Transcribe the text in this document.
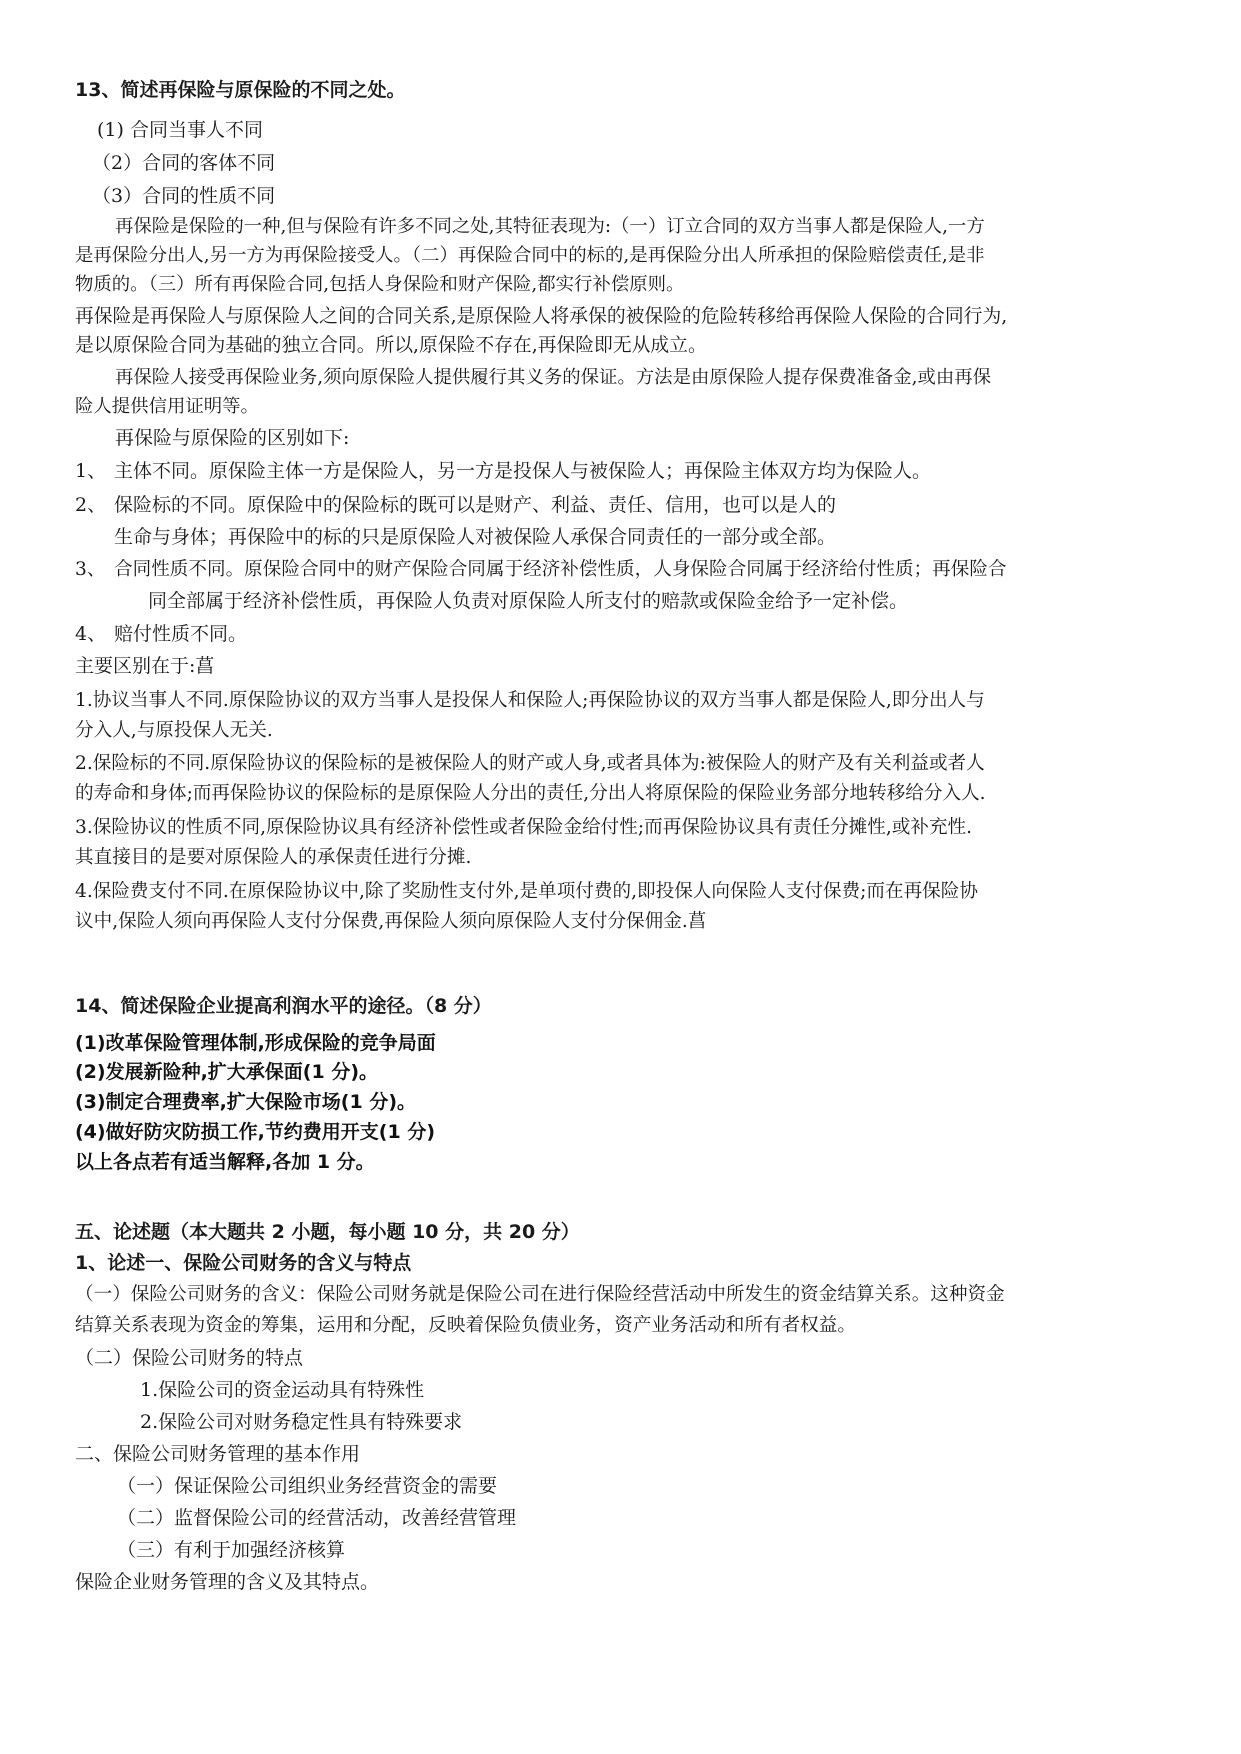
13、简述再保险与原保险的不同之处。
(1) 合同当事人不同
（2）合同的客体不同
（3）合同的性质不同
再保险是保险的一种,但与保险有许多不同之处,其特征表现为:（一）订立合同的双方当事人都是保险人,一方
是再保险分出人,另一方为再保险接受人。（二）再保险合同中的标的,是再保险分出人所承担的保险赔偿责任,是非
物质的。（三）所有再保险合同,包括人身保险和财产保险,都实行补偿原则。
再保险是再保险人与原保险人之间的合同关系,是原保险人将承保的被保险的危险转移给再保险人保险的合同行为,
是以原保险合同为基础的独立合同。所以,原保险不存在,再保险即无从成立。
再保险人接受再保险业务,须向原保险人提供履行其义务的保证。方法是由原保险人提存保费准备金,或由再保
险人提供信用证明等。
再保险与原保险的区别如下:
1、 主体不同。原保险主体一方是保险人，另一方是投保人与被保险人；再保险主体双方均为保险人。
2、 保险标的不同。原保险中的保险标的既可以是财产、利益、责任、信用，也可以是人的
生命与身体；再保险中的标的只是原保险人对被保险人承保合同责任的一部分或全部。
3、 合同性质不同。原保险合同中的财产保险合同属于经济补偿性质，人身保险合同属于经济给付性质；再保险合
同全部属于经济补偿性质，再保险人负责对原保险人所支付的赔款或保险金给予一定补偿。
4、 赔付性质不同。
主要区别在于:菖
1.协议当事人不同.原保险协议的双方当事人是投保人和保险人;再保险协议的双方当事人都是保险人,即分出人与
分入人,与原投保人无关.
2.保险标的不同.原保险协议的保险标的是被保险人的财产或人身,或者具体为:被保险人的财产及有关利益或者人
的寿命和身体;而再保险协议的保险标的是原保险人分出的责任,分出人将原保险的保险业务部分地转移给分入人.
3.保险协议的性质不同,原保险协议具有经济补偿性或者保险金给付性;而再保险协议具有责任分摊性,或补充性.
其直接目的是要对原保险人的承保责任进行分摊.
4.保险费支付不同.在原保险协议中,除了奖励性支付外,是单项付费的,即投保人向保险人支付保费;而在再保险协
议中,保险人须向再保险人支付分保费,再保险人须向原保险人支付分保佣金.菖
14、简述保险企业提高利润水平的途径。（8 分）
(1)改革保险管理体制,形成保险的竞争局面
(2)发展新险种,扩大承保面(1 分)。
(3)制定合理费率,扩大保险市场(1 分)。
(4)做好防灾防损工作,节约费用开支(1 分)
以上各点若有适当解释,各加 1 分。
五、论述题（本大题共 2 小题，每小题 10 分，共 20 分）
1、论述一、保险公司财务的含义与特点
（一）保险公司财务的含义：保险公司财务就是保险公司在进行保险经营活动中所发生的资金结算关系。这种资金
结算关系表现为资金的筹集，运用和分配，反映着保险负债业务，资产业务活动和所有者权益。
（二）保险公司财务的特点
1.保险公司的资金运动具有特殊性
2.保险公司对财务稳定性具有特殊要求
二、保险公司财务管理的基本作用
（一）保证保险公司组织业务经营资金的需要
（二）监督保险公司的经营活动，改善经营管理
（三）有利于加强经济核算
保险企业财务管理的含义及其特点。
